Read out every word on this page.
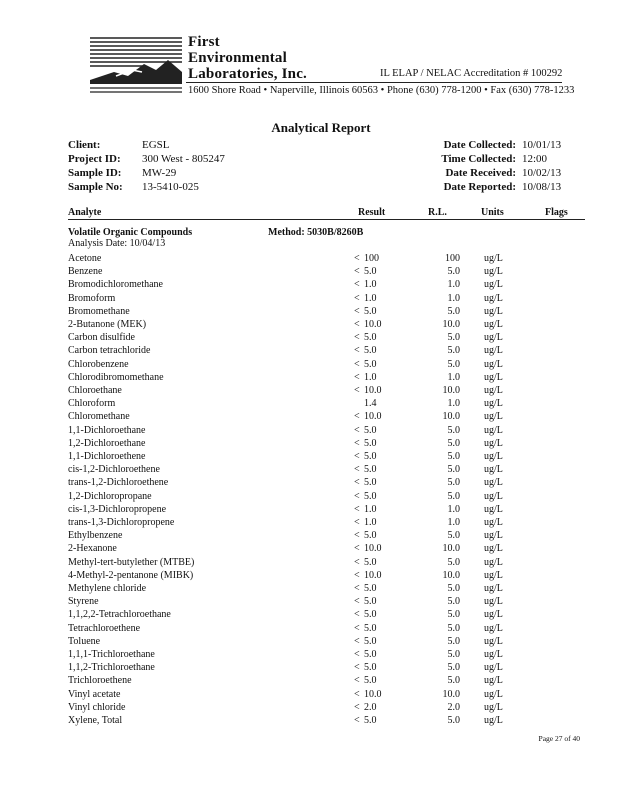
First
Environmental
Laboratories, Inc.	IL ELAP / NELAC Accreditation # 100292
1600 Shore Road • Naperville, Illinois 60563 • Phone (630) 778-1200 • Fax (630) 778-1233
Analytical Report
Client:	EGSL
Project ID: 300 West - 805247
Sample ID: MW-29
Sample No: 13-5410-025
Date Collected: 10/01/13
Time Collected: 12:00
Date Received: 10/02/13
Date Reported: 10/08/13
Analyte	Result	R.L.	Units	Flags
Volatile Organic Compounds	Method: 5030B/8260B
Analysis Date: 10/04/13
Acetone	< 100	100 ug/L
Benzene	< 5.0	5.0 ug/L
Bromodichloromethane	< 1.0	1.0 ug/L
Bromoform	< 1.0	1.0 ug/L
Bromomethane	< 5.0	5.0 ug/L
2-Butanone (MEK)	< 10.0	10.0 ug/L
Carbon disulfide	< 5.0	5.0 ug/L
Carbon tetrachloride	< 5.0	5.0 ug/L
Chlorobenzene	< 5.0	5.0 ug/L
Chlorodibromomethane	< 1.0	1.0 ug/L
Chloroethane	< 10.0	10.0 ug/L
Chloroform	1.4	1.0 ug/L
Chloromethane	< 10.0	10.0 ug/L
1,1-Dichloroethane	< 5.0	5.0 ug/L
1,2-Dichloroethane	< 5.0	5.0 ug/L
1,1-Dichloroethene	< 5.0	5.0 ug/L
cis-1,2-Dichloroethene	< 5.0	5.0 ug/L
trans-1,2-Dichloroethene	< 5.0	5.0 ug/L
1,2-Dichloropropane	< 5.0	5.0 ug/L
cis-1,3-Dichloropropene	< 1.0	1.0 ug/L
trans-1,3-Dichloropropene	< 1.0	1.0 ug/L
Ethylbenzene	< 5.0	5.0 ug/L
2-Hexanone	< 10.0	10.0 ug/L
Methyl-tert-butylether (MTBE)	< 5.0	5.0 ug/L
4-Methyl-2-pentanone (MIBK)	< 10.0	10.0 ug/L
Methylene chloride	< 5.0	5.0 ug/L
Styrene	< 5.0	5.0 ug/L
1,1,2,2-Tetrachloroethane	< 5.0	5.0 ug/L
Tetrachloroethene	< 5.0	5.0 ug/L
Toluene	< 5.0	5.0 ug/L
1,1,1-Trichloroethane	< 5.0	5.0 ug/L
1,1,2-Trichloroethane	< 5.0	5.0 ug/L
Trichloroethene	< 5.0	5.0 ug/L
Vinyl acetate	< 10.0	10.0 ug/L
Vinyl chloride	< 2.0	2.0 ug/L
Xylene, Total	< 5.0	5.0 ug/L
Page 27 of 40
